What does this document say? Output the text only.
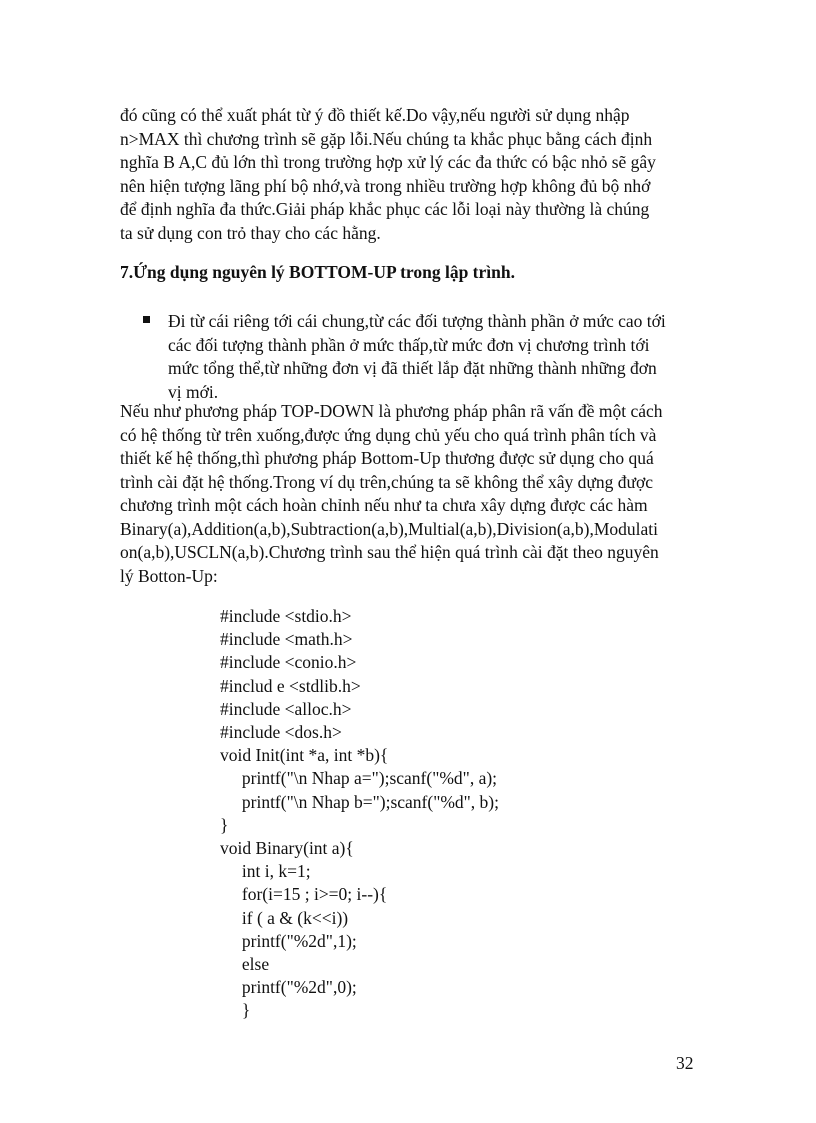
đó cũng có thể xuất phát từ ý đồ thiết kế.Do vậy,nếu người sử dụng nhập
n>MAX thì chương trình sẽ gặp lỗi.Nếu chúng ta khắc phục bằng cách định
nghĩa B A,C đủ lớn thì trong trường hợp xử lý các đa thức có bậc nhỏ sẽ gây
nên hiện tượng lãng phí bộ nhớ,và trong nhiều trường hợp không đủ bộ nhớ
để định nghĩa đa thức.Giải pháp khắc phục các lỗi loại này thường là chúng
ta sử dụng con trỏ thay cho các hằng.
7.Ứng dụng nguyên lý BOTTOM-UP trong lập trình.
Đi từ cái riêng tới cái chung,từ các đối tượng thành phần ở mức cao tới
các đối tượng thành phần ở mức thấp,từ mức đơn vị chương trình tới
mức tổng thể,từ những đơn vị đã thiết lắp đặt những thành những đơn
vị mới.
Nếu như phương pháp TOP-DOWN là phương pháp phân rã vấn đề một cách
có hệ thống từ trên xuống,được ứng dụng chủ yếu cho quá trình phân tích và
thiết kế hệ thống,thì phương pháp Bottom-Up thương được sử dụng cho quá
trình cài đặt hệ thống.Trong ví dụ trên,chúng ta sẽ không thể xây dựng được
chương trình một cách hoàn chỉnh nếu như ta chưa xây dựng được các hàm
Binary(a),Addition(a,b),Subtraction(a,b),Multial(a,b),Division(a,b),Modulati
on(a,b),USCLN(a,b).Chương trình sau thể hiện quá trình cài đặt theo nguyên
lý Botton-Up:
#include <stdio.h>
#include <math.h>
#include <conio.h>
#includ e <stdlib.h>
#include <alloc.h>
#include <dos.h>
void Init(int *a, int *b){
printf("\n Nhap a=");scanf("%d", a);
printf("\n Nhap b=");scanf("%d", b);
}
void Binary(int a){
int i, k=1;
for(i=15 ; i>=0; i--){
if ( a & (k<<i))
printf("%2d",1);
else
printf("%2d",0);
}
32
